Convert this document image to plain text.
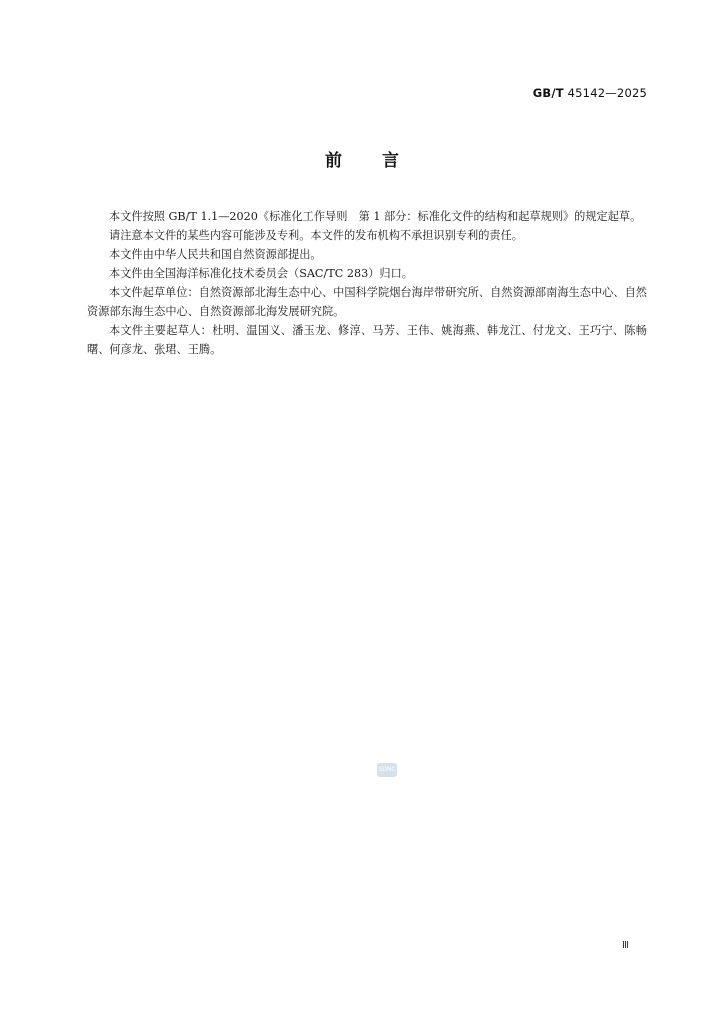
GB/T 45142—2025
前言

本文件按照 GB/T 1.1—2020《标准化工作导则　第 1 部分：标准化文件的结构和起草规则》的规定起草。

请注意本文件的某些内容可能涉及专利。本文件的发布机构不承担识别专利的责任。

本文件由中华人民共和国自然资源部提出。

本文件由全国海洋标准化技术委员会（SAC/TC 283）归口。

本文件起草单位：自然资源部北海生态中心、中国科学院烟台海岸带研究所、自然资源部南海生态中心、自然资源部东海生态中心、自然资源部北海发展研究院。

本文件主要起草人：杜明、温国义、潘玉龙、修淳、马芳、王伟、姚海燕、韩龙江、付龙文、王巧宁、陈畅曙、何彦龙、张珺、王腾。

SDNC
Ⅲ
